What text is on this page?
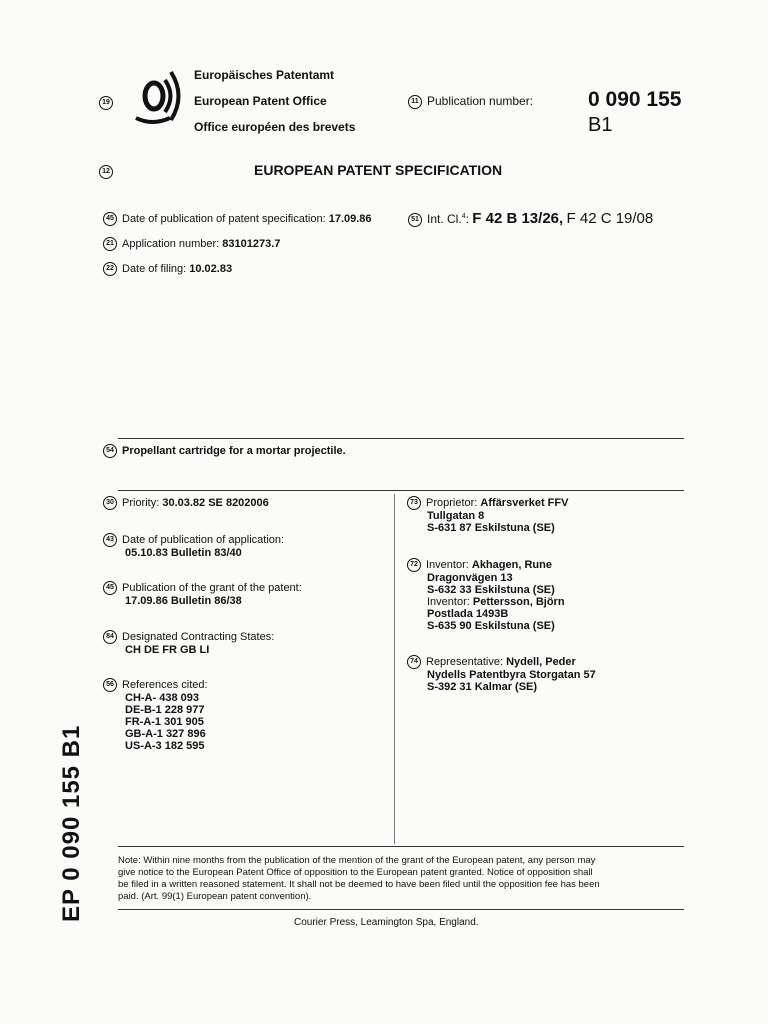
19
Europäisches Patentamt
European Patent Office
Office européen des brevets
11 Publication number:	0 090 155
B1
12	EUROPEAN PATENT SPECIFICATION
45 Date of publication of patent specification: 17.09.86	51 Int. Cl.$^4$: F 42 B 13/26, F 42 C 19/08
21 Application number: 83101273.7
22 Date of filing: 10.02.83
54 Propellant cartridge for a mortar projectile.
30 Priority: 30.03.82 SE 8202006
43 Date of publication of application:
05.10.83 Bulletin 83/40
45 Publication of the grant of the patent:
17.09.86 Bulletin 86/38
84 Designated Contracting States:
CH DE FR GB LI
56 References cited:
CH-A- 438 093
DE-B-1 228 977
FR-A-1 301 905
GB-A-1 327 896
US-A-3 182 595
73 Proprietor: Affärsverket FFV
Tullgatan 8
S-631 87 Eskilstuna (SE)
72 Inventor: Akhagen, Rune
Dragonvägen 13
S-632 33 Eskilstuna (SE)
Inventor: Pettersson, Björn
Postlada 1493B
S-635 90 Eskilstuna (SE)
74 Representative: Nydell, Peder
Nydells Patentbyra Storgatan 57
S-392 31 Kalmar (SE)
EP 0 090 155 B1	Note: Within nine months from the publication of the mention of the grant of the European patent, any person may
give notice to the European Patent Office of opposition to the European patent granted. Notice of opposition shall
be filed in a written reasoned statement. It shall not be deemed to have been filed until the opposition fee has been
paid. (Art. 99(1) European patent convention).
Courier Press, Leamington Spa, England.
